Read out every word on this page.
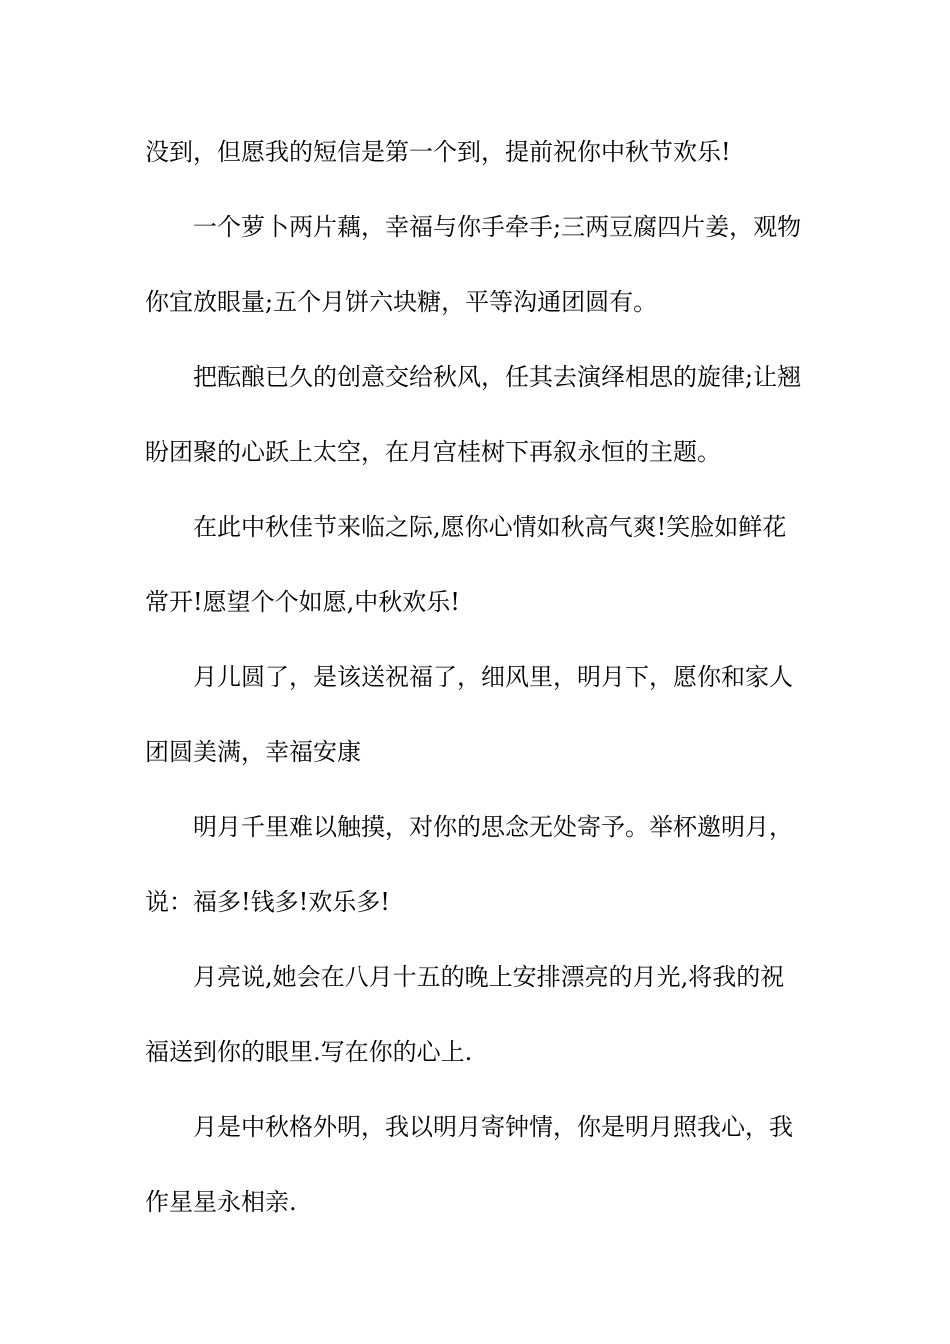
没到，但愿我的短信是第一个到，提前祝你中秋节欢乐!
一个萝卜两片藕，幸福与你手牵手;三两豆腐四片姜，观物
你宜放眼量;五个月饼六块糖，平等沟通团圆有。
把酝酿已久的创意交给秋风，任其去演绎相思的旋律;让翘
盼团聚的心跃上太空，在月宫桂树下再叙永恒的主题。
在此中秋佳节来临之际,愿你心情如秋高气爽!笑脸如鲜花
常开!愿望个个如愿,中秋欢乐!
月儿圆了，是该送祝福了，细风里，明月下，愿你和家人
团圆美满，幸福安康
明月千里难以触摸，对你的思念无处寄予。举杯邀明月，
说：福多!钱多!欢乐多!
月亮说,她会在八月十五的晚上安排漂亮的月光,将我的祝
福送到你的眼里.写在你的心上.
月是中秋格外明，我以明月寄钟情，你是明月照我心，我
作星星永相亲.
